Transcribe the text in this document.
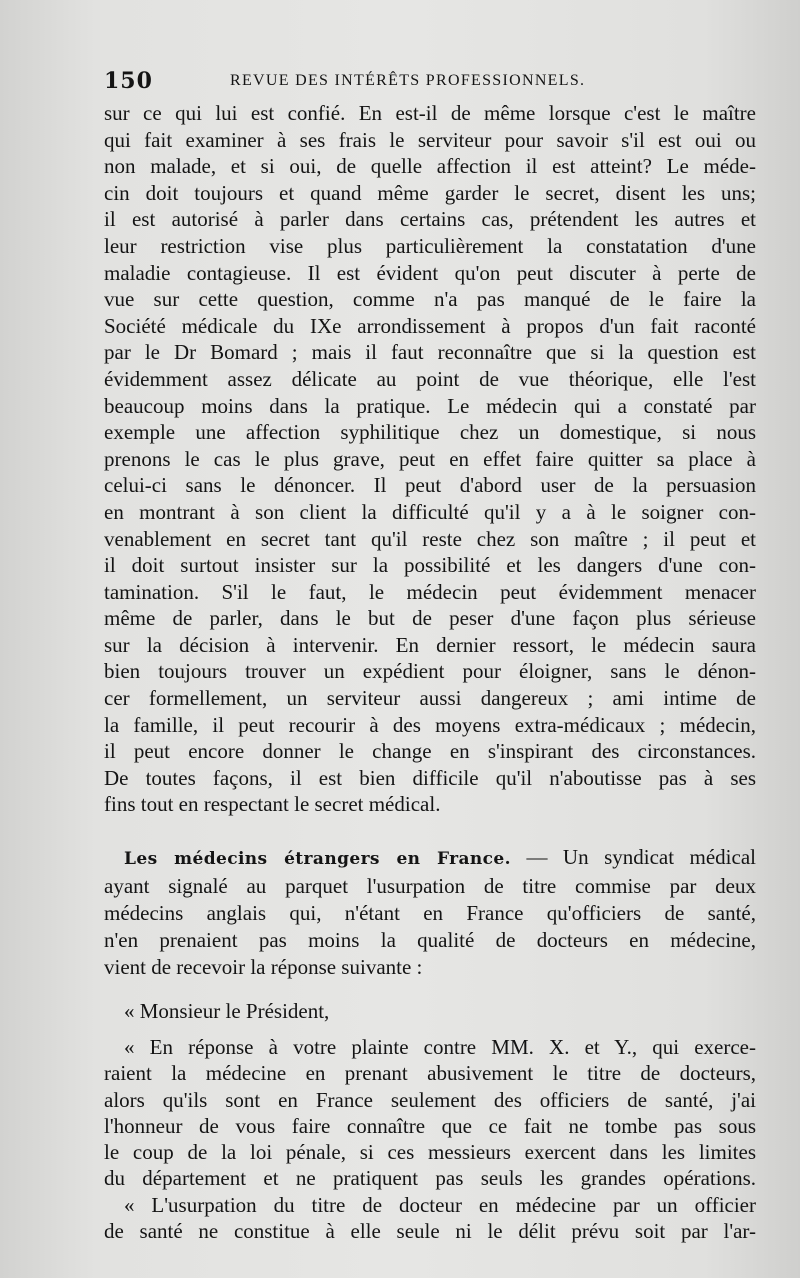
150	REVUE DES INTÉRÊTS PROFESSIONNELS.
sur ce qui lui est confié. En est-il de même lorsque c'est le maître
qui fait examiner à ses frais le serviteur pour savoir s'il est oui ou
non malade, et si oui, de quelle affection il est atteint? Le méde-
cin doit toujours et quand même garder le secret, disent les uns;
il est autorisé à parler dans certains cas, prétendent les autres et
leur restriction vise plus particulièrement la constatation d'une
maladie contagieuse. Il est évident qu'on peut discuter à perte de
vue sur cette question, comme n'a pas manqué de le faire la
Société médicale du IXe arrondissement à propos d'un fait raconté
par le Dr Bomard ; mais il faut reconnaître que si la question est
évidemment assez délicate au point de vue théorique, elle l'est
beaucoup moins dans la pratique. Le médecin qui a constaté par
exemple une affection syphilitique chez un domestique, si nous
prenons le cas le plus grave, peut en effet faire quitter sa place à
celui-ci sans le dénoncer. Il peut d'abord user de la persuasion
en montrant à son client la difficulté qu'il y a à le soigner con-
venablement en secret tant qu'il reste chez son maître ; il peut et
il doit surtout insister sur la possibilité et les dangers d'une con-
tamination. S'il le faut, le médecin peut évidemment menacer
même de parler, dans le but de peser d'une façon plus sérieuse
sur la décision à intervenir. En dernier ressort, le médecin saura
bien toujours trouver un expédient pour éloigner, sans le dénon-
cer formellement, un serviteur aussi dangereux ; ami intime de
la famille, il peut recourir à des moyens extra-médicaux ; médecin,
il peut encore donner le change en s'inspirant des circonstances.
De toutes façons, il est bien difficile qu'il n'aboutisse pas à ses
fins tout en respectant le secret médical.
Les médecins étrangers en France. — Un syndicat médical
ayant signalé au parquet l'usurpation de titre commise par deux
médecins anglais qui, n'étant en France qu'officiers de santé,
n'en prenaient pas moins la qualité de docteurs en médecine,
vient de recevoir la réponse suivante :
« Monsieur le Président,
« En réponse à votre plainte contre MM. X. et Y., qui exerce-
raient la médecine en prenant abusivement le titre de docteurs,
alors qu'ils sont en France seulement des officiers de santé, j'ai
l'honneur de vous faire connaître que ce fait ne tombe pas sous
le coup de la loi pénale, si ces messieurs exercent dans les limites
du département et ne pratiquent pas seuls les grandes opérations.
« L'usurpation du titre de docteur en médecine par un officier
de santé ne constitue à elle seule ni le délit prévu soit par l'ar-
